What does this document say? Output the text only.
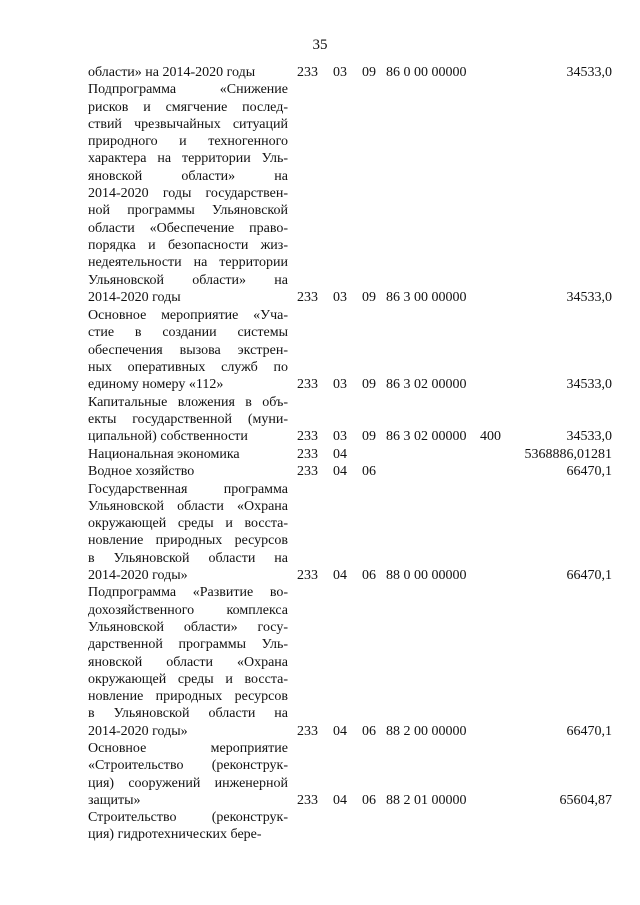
35
области» на 2014-2020 годы	233 03 09 86 0 00 00000	34533,0
Подпрограмма «Снижение
рисков и смягчение послед-
ствий чрезвычайных ситуаций
природного и техногенного
характера на территории Уль-
яновской области» на
2014-2020 годы государствен-
ной программы Ульяновской
области «Обеспечение право-
порядка и безопасности жиз-
недеятельности на территории
Ульяновской области» на
2014-2020 годы	233 03 09 86 3 00 00000	34533,0
Основное мероприятие «Уча-
стие в создании системы
обеспечения вызова экстрен-
ных оперативных служб по
единому номеру «112»	233 03 09 86 3 02 00000	34533,0
Капитальные вложения в объ-
екты государственной (муни-
ципальной) собственности	233 03 09 86 3 02 00000 400	34533,0
Национальная экономика	233 04	5368886,01281
Водное хозяйство	233 04 06	66470,1
Государственная программа
Ульяновской области «Охрана
окружающей среды и восста-
новление природных ресурсов
в Ульяновской области на
2014-2020 годы»	233 04 06 88 0 00 00000	66470,1
Подпрограмма «Развитие во-
дохозяйственного комплекса
Ульяновской области» госу-
дарственной программы Уль-
яновской области «Охрана
окружающей среды и восста-
новление природных ресурсов
в Ульяновской области на
2014-2020 годы»	233 04 06 88 2 00 00000	66470,1
Основное мероприятие
«Строительство (реконструк-
ция) сооружений инженерной
защиты»	233 04 06 88 2 01 00000	65604,87
Строительство (реконструк-
ция) гидротехнических бере-
